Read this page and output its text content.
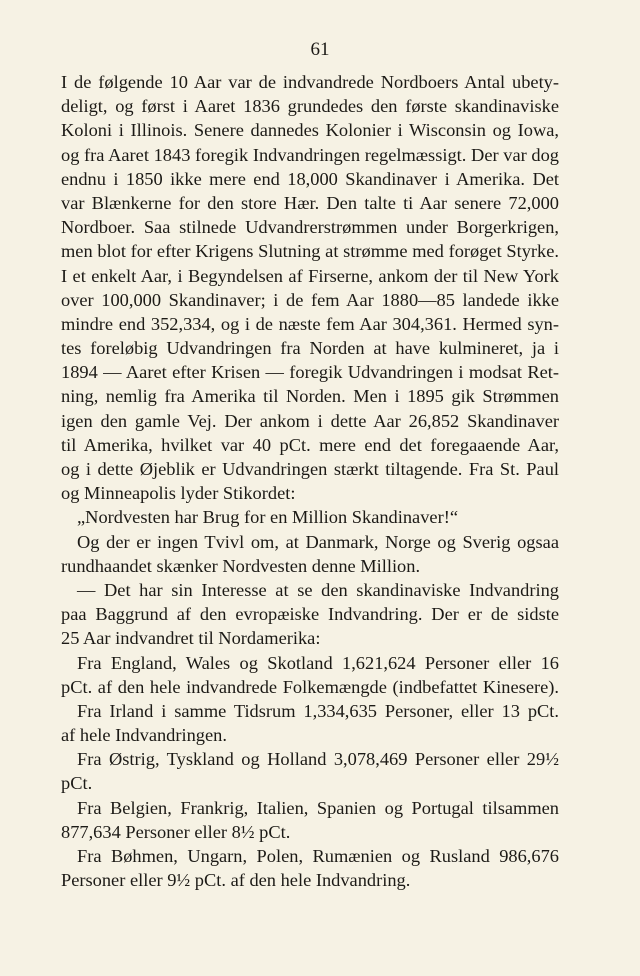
61
I de følgende 10 Aar var de indvandrede Nordboers Antal ubety-
deligt, og først i Aaret 1836 grundedes den første skandinaviske
Koloni i Illinois. Senere dannedes Kolonier i Wisconsin og Iowa,
og fra Aaret 1843 foregik Indvandringen regelmæssigt. Der var dog
endnu i 1850 ikke mere end 18,000 Skandinaver i Amerika. Det
var Blænkerne for den store Hær. Den talte ti Aar senere 72,000
Nordboer. Saa stilnede Udvandrerstrømmen under Borgerkrigen,
men blot for efter Krigens Slutning at strømme med forøget Styrke.
I et enkelt Aar, i Begyndelsen af Firserne, ankom der til New York
over 100,000 Skandinaver; i de fem Aar 1880—85 landede ikke
mindre end 352,334, og i de næste fem Aar 304,361. Hermed syn-
tes foreløbig Udvandringen fra Norden at have kulmineret, ja i
1894 — Aaret efter Krisen — foregik Udvandringen i modsat Ret-
ning, nemlig fra Amerika til Norden. Men i 1895 gik Strømmen
igen den gamle Vej. Der ankom i dette Aar 26,852 Skandinaver
til Amerika, hvilket var 40 pCt. mere end det foregaaende Aar,
og i dette Øjeblik er Udvandringen stærkt tiltagende. Fra St. Paul
og Minneapolis lyder Stikordet:
„Nordvesten har Brug for en Million Skandinaver!“
Og der er ingen Tvivl om, at Danmark, Norge og Sverig ogsaa
rundhaandet skænker Nordvesten denne Million.
— Det har sin Interesse at se den skandinaviske Indvandring
paa Baggrund af den evropæiske Indvandring. Der er de sidste
25 Aar indvandret til Nordamerika:
Fra England, Wales og Skotland 1,621,624 Personer eller 16
pCt. af den hele indvandrede Folkemængde (indbefattet Kinesere).
Fra Irland i samme Tidsrum 1,334,635 Personer, eller 13 pCt.
af hele Indvandringen.
Fra Østrig, Tyskland og Holland 3,078,469 Personer eller 29½
pCt.
Fra Belgien, Frankrig, Italien, Spanien og Portugal tilsammen
877,634 Personer eller 8½ pCt.
Fra Bøhmen, Ungarn, Polen, Rumænien og Rusland 986,676
Personer eller 9½ pCt. af den hele Indvandring.
